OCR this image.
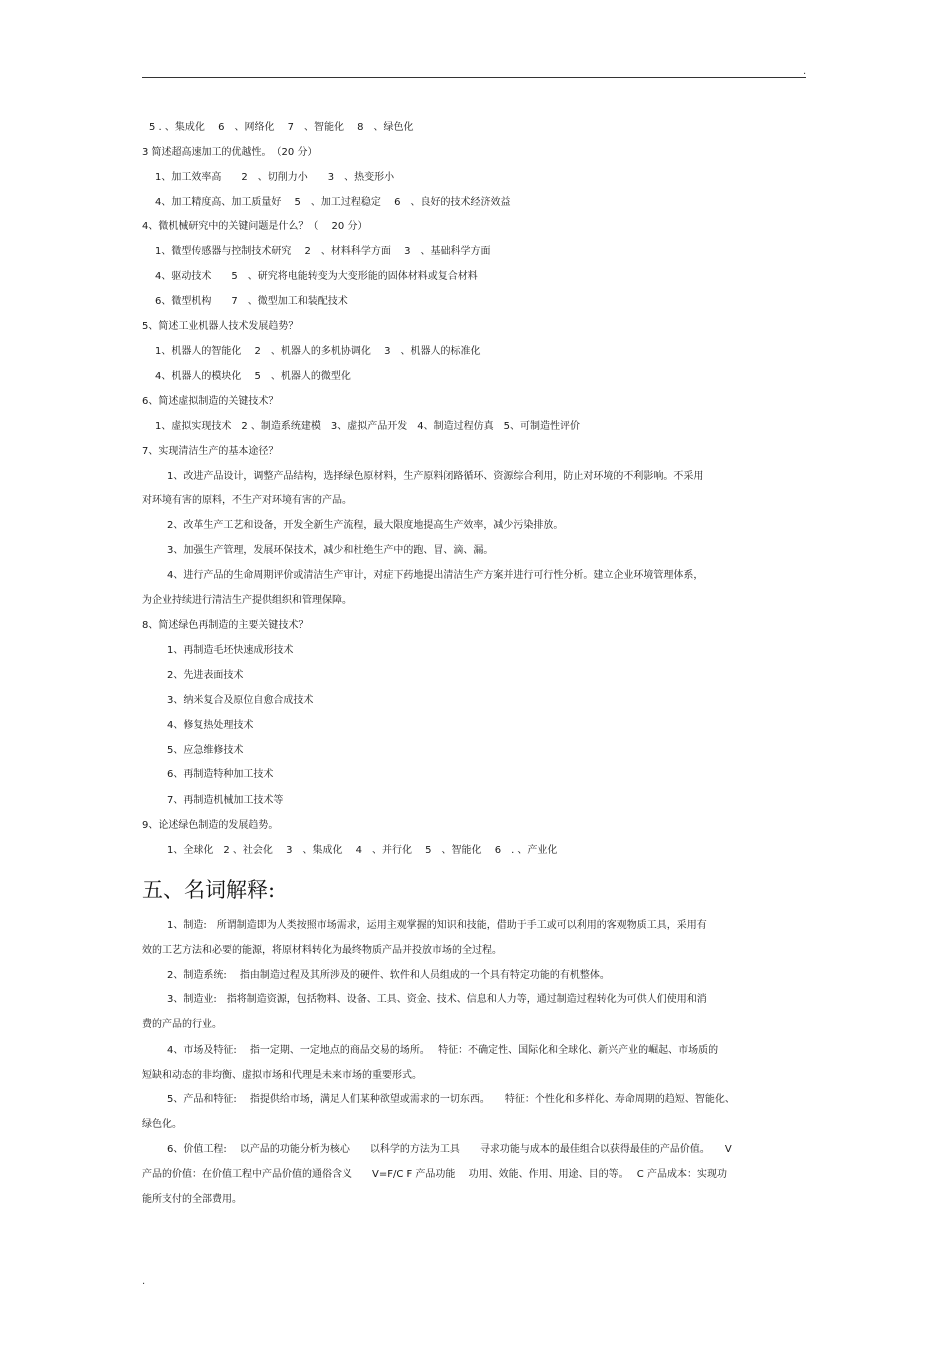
.
5 . 、集成化　 6　、网络化　 7　、智能化　 8　、绿色化
3 简述超高速加工的优越性。　（20 分）
1、加工效率高　　2　、切削力小　　3　、热变形小
4、加工精度高、加工质量好　 5　、加工过程稳定　 6　、良好的技术经济效益
4、微机械研究中的关键问题是什么？（　 20 分）
1、微型传感器与控制技术研究　 2　、材料科学方面　 3　、基础科学方面
4、驱动技术　　5　、研究将电能转变为大变形能的固体材料或复合材料
6、微型机构　　7　、微型加工和装配技术
5、简述工业机器人技术发展趋势？
1、机器人的智能化　 2　、机器人的多机协调化　 3　、机器人的标准化
4、机器人的模块化　 5　、机器人的微型化
6、简述虚拟制造的关键技术？
1、虚拟实现技术　2 、制造系统建模　3、虚拟产品开发　4、制造过程仿真　5、可制造性评价
7、实现清洁生产的基本途径？
1、改进产品设计，调整产品结构，选择绿色原材料，生产原料闭路循环、资源综合利用，防止对环境的不利影响。不采用
对环境有害的原料，不生产对环境有害的产品。
2、改革生产工艺和设备，开发全新生产流程，最大限度地提高生产效率，减少污染排放。
3、加强生产管理，发展环保技术，减少和杜绝生产中的跑、冒、滴、漏。
4、进行产品的生命周期评价或清洁生产审计，对症下药地提出清洁生产方案并进行可行性分析。建立企业环境管理体系，
为企业持续进行清洁生产提供组织和管理保障。
8、简述绿色再制造的主要关键技术？
1、再制造毛坯快速成形技术
2、先进表面技术
3、纳米复合及原位自愈合成技术
4、修复热处理技术
5、应急维修技术
6、再制造特种加工技术
7、再制造机械加工技术等
9、论述绿色制造的发展趋势。
1、全球化　2 、社会化　 3　、集成化　 4　、并行化　 5　、智能化　 6　. 、产业化
五、名词解释:
1、制造:　所谓制造即为人类按照市场需求，运用主观掌握的知识和技能，借助于手工或可以利用的客观物质工具，采用有
效的工艺方法和必要的能源，将原材料转化为最终物质产品并投放市场的全过程。
2、制造系统:　 指由制造过程及其所涉及的硬件、软件和人员组成的一个具有特定功能的有机整体。
3、制造业:　指将制造资源，包括物料、设备、工具、资金、技术、信息和人力等，通过制造过程转化为可供人们使用和消
费的产品的行业。
4、市场及特征:　 指一定期、一定地点的商品交易的场所。　 特征：不确定性、国际化和全球化、新兴产业的崛起、市场质的
短缺和动态的非均衡、虚拟市场和代理是未来市场的重要形式。
5、产品和特征:　 指提供给市场，满足人们某种欲望或需求的一切东西。　　特征：个性化和多样化、寿命周期的趋短、智能化、
绿色化。
6、价值工程:　 以产品的功能分析为核心　　以科学的方法为工具　　寻求功能与成本的最佳组合以获得最佳的产品价值。　　V
产品的价值：在价值工程中产品价值的通俗含义　　V=F/C F 产品功能　 功用、效能、作用、用途、目的等。　 C 产品成本：实现功
能所支付的全部费用。
.
